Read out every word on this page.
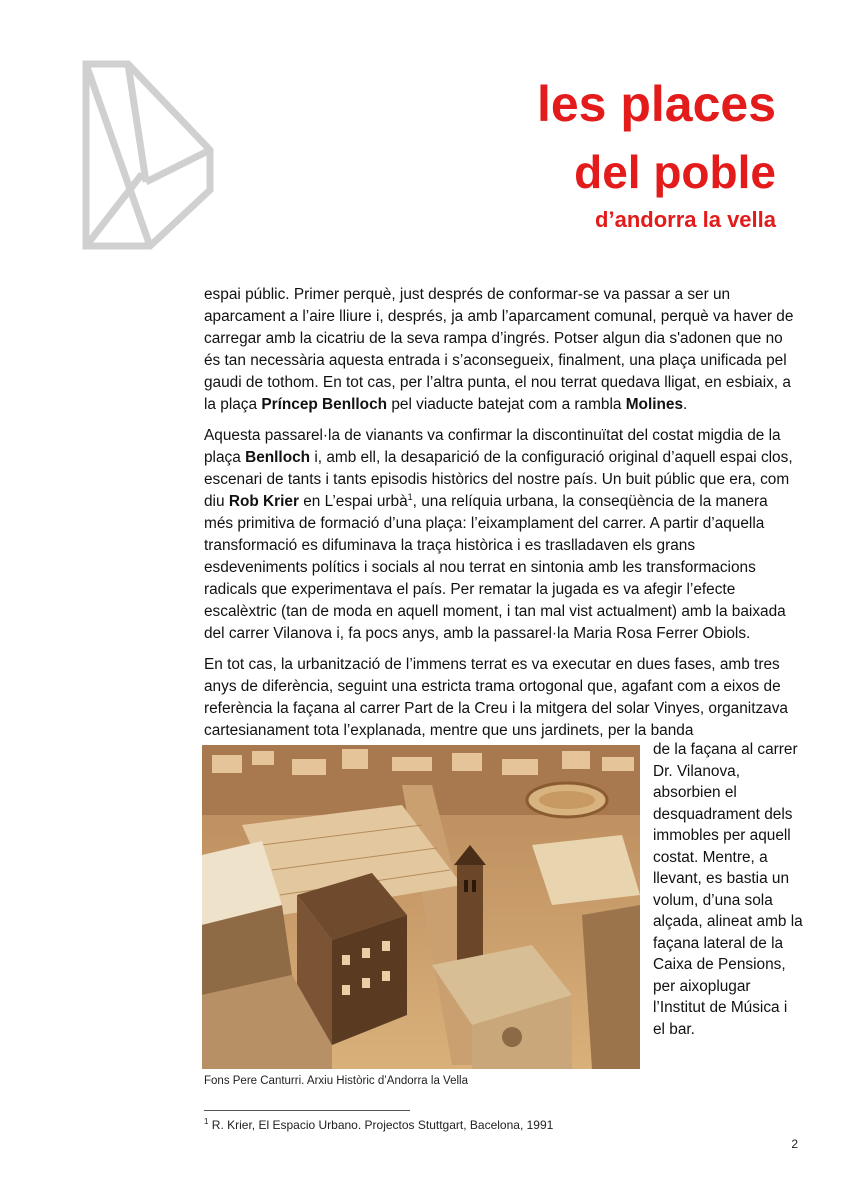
les places
del poble
d’andorra la vella

espai públic. Primer perquè, just després de conformar-se va passar a ser un aparcament a l’aire lliure i, després, ja amb l’aparcament comunal, perquè va haver de carregar amb la cicatriu de la seva rampa d’ingrés. Potser algun dia s'adonen que no és tan necessària aquesta entrada i s’aconsegueix, finalment, una plaça unificada pel gaudi de tothom. En tot cas, per l’altra punta, el nou terrat quedava lligat, en esbiaix, a la plaça Príncep Benlloch pel viaducte batejat com a rambla Molines.

Aquesta passarel·la de vianants va confirmar la discontinuïtat del costat migdia de la plaça Benlloch i, amb ell, la desaparició de la configuració original d’aquell espai clos, escenari de tants i tants episodis històrics del nostre país. Un buit públic que era, com diu Rob Krier en L’espai urbà$^1$, una relíquia urbana, la conseqüència de la manera més primitiva de formació d’una plaça: l’eixamplament del carrer. A partir d’aquella transformació es difuminava la traça històrica i es traslladaven els grans esdeveniments polítics i socials al nou terrat en sintonia amb les transformacions radicals que experimentava el país. Per rematar la jugada es va afegir l’efecte escalèxtric (tan de moda en aquell moment, i tan mal vist actualment) amb la baixada del carrer Vilanova i, fa pocs anys, amb la passarel·la Maria Rosa Ferrer Obiols.

En tot cas, la urbanització de l’immens terrat es va executar en dues fases, amb tres anys de diferència, seguint una estricta trama ortogonal que, agafant com a eixos de referència la façana al carrer Part de la Creu i la mitgera del solar Vinyes, organitzava cartesianament tota l’explanada, mentre que uns jardinets, per la banda

de la façana al carrer Dr. Vilanova, absorbien el desquadrament dels immobles per aquell costat. Mentre, a llevant, es bastia un volum, d’una sola alçada, alineat amb la façana lateral de la Caixa de Pensions, per aixoplugar l’Institut de Música i el bar.

Fons Pere Canturri. Arxiu Històric d’Andorra la Vella

$^1$ R. Krier, El Espacio Urbano. Projectos Stuttgart, Bacelona, 1991

2
